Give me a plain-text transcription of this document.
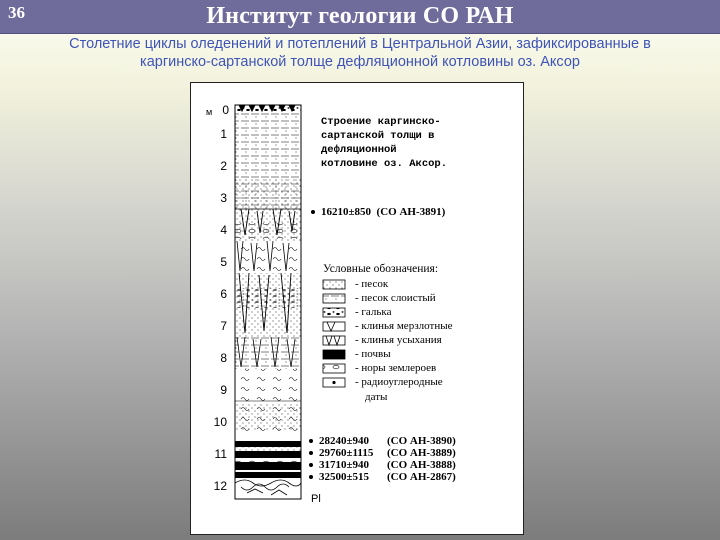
36	Институт геологии СО РАН
Столетние циклы оледенений и потеплений в Центральной Азии, зафиксированные в
каргинско-сартанской толще дефляционной котловины оз. Аксор
м 0
1
2
3
4
5
6
7
8
9
10
11
12
Строение каргинско-
сартанской толщи в
дефляционной
котловине оз. Аксор.
16210±850 (СО АН-3891)
28240±940 (СО АН-3890)
29760±1115 (СО АН-3889)
31710±940 (СО АН-3888)
32500±515 (СО АН-2867)
Условные обозначения:
- песок
- песок слоистый
- галька
- клинья мерзлотные
- клинья усыхания
- почвы
- норы землероев
- радиоуглеродные
даты
Pl
